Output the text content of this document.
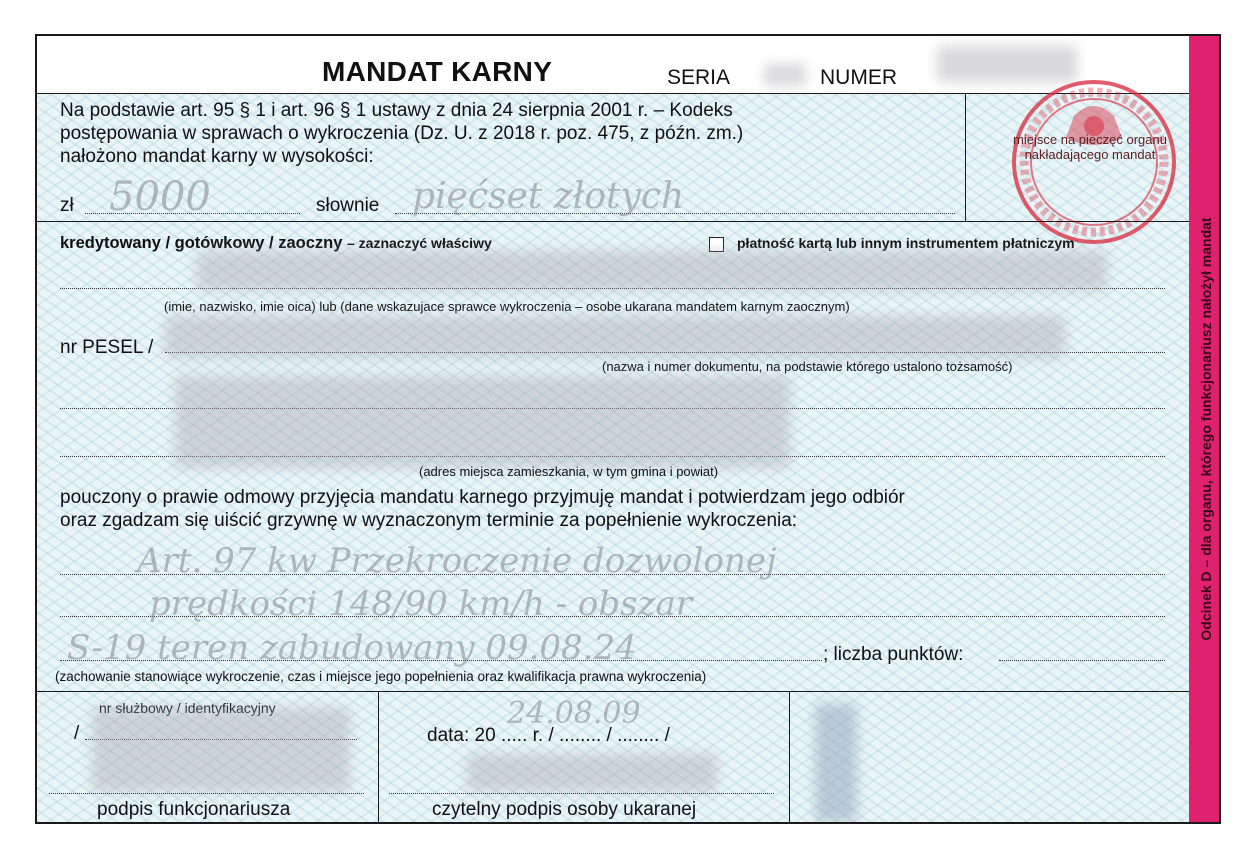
MANDAT KARNY	SERIA	NUMER
Na podstawie art. 95 § 1 i art. 96 § 1 ustawy z dnia 24 sierpnia 2001 r. – Kodeks
postępowania w sprawach o wykroczenia (Dz. U. z 2018 r. poz. 475, z późn. zm.)
nałożono mandat karny w wysokości:
zł 5000	słownie pięćset złotych
miejsce na pieczęć organu nakładającego mandat
kredytowany / gotówkowy / zaoczny – zaznaczyć właściwy	płatność kartą lub innym instrumentem płatniczym
(imie, nazwisko, imie oica) lub (dane wskazujace sprawce wykroczenia – osobe ukarana mandatem karnym zaocznym)
nr PESEL /
(nazwa i numer dokumentu, na podstawie którego ustalono tożsamość)
(adres miejsca zamieszkania, w tym gmina i powiat)
pouczony o prawie odmowy przyjęcia mandatu karnego przyjmuję mandat i potwierdzam jego odbiór
oraz zgadzam się uiścić grzywnę w wyznaczonym terminie za popełnienie wykroczenia:
Art. 97 kw Przekroczenie dozwolonej
prędkości 148/90 km/h - obszar
S-19 teren zabudowany 09.08.24	; liczba punktów:
(zachowanie stanowiące wykroczenie, czas i miejsce jego popełnienia oraz kwalifikacja prawna wykroczenia)
nr służbowy / identyfikacyjny
/
podpis funkcjonariusza
data: 20 ..... r. / ........ / ........ /
24.08.09
czytelny podpis osoby ukaranej
Odcinek D – dla organu, którego funkcjonariusz nałożył mandat
